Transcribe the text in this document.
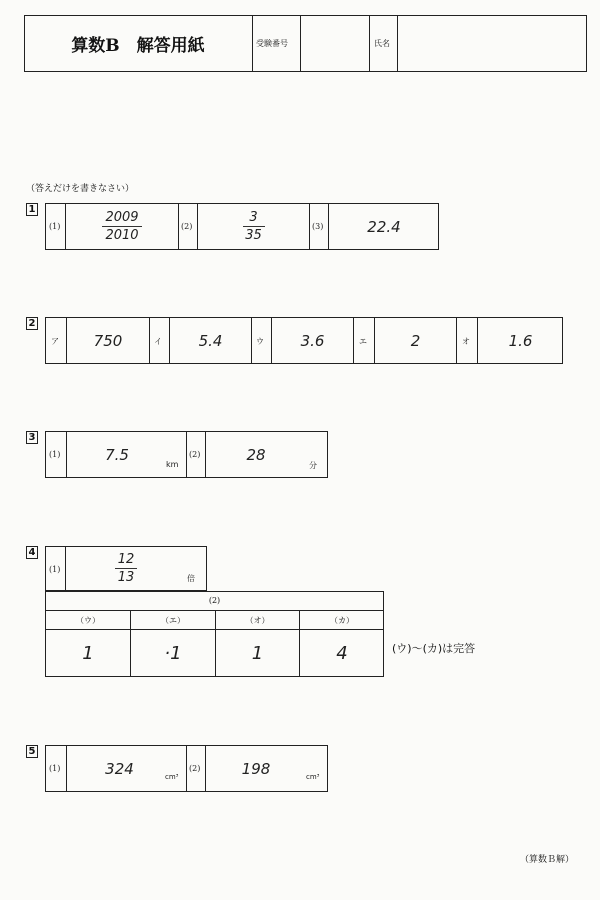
算数B　解答用紙	受験番号	氏名
（答えだけを書きなさい）
1
(1)	$\frac{2009}{2010}$	(2)	$\frac{3}{35}$	(3)	22.4
2
ア	750	イ	5.4	ウ	3.6	エ	2	オ	1.6
3
(1)	7.5
km
(2)	28
分
4
(1)	$\frac{12}{13}$	倍
(2)
（ウ）	（エ）	（オ）	（カ）
1	·1	1	4	(ウ)～(カ)は完答
5
(1)	324	cm³
(2)	198	cm³
（算数Ｂ解）
